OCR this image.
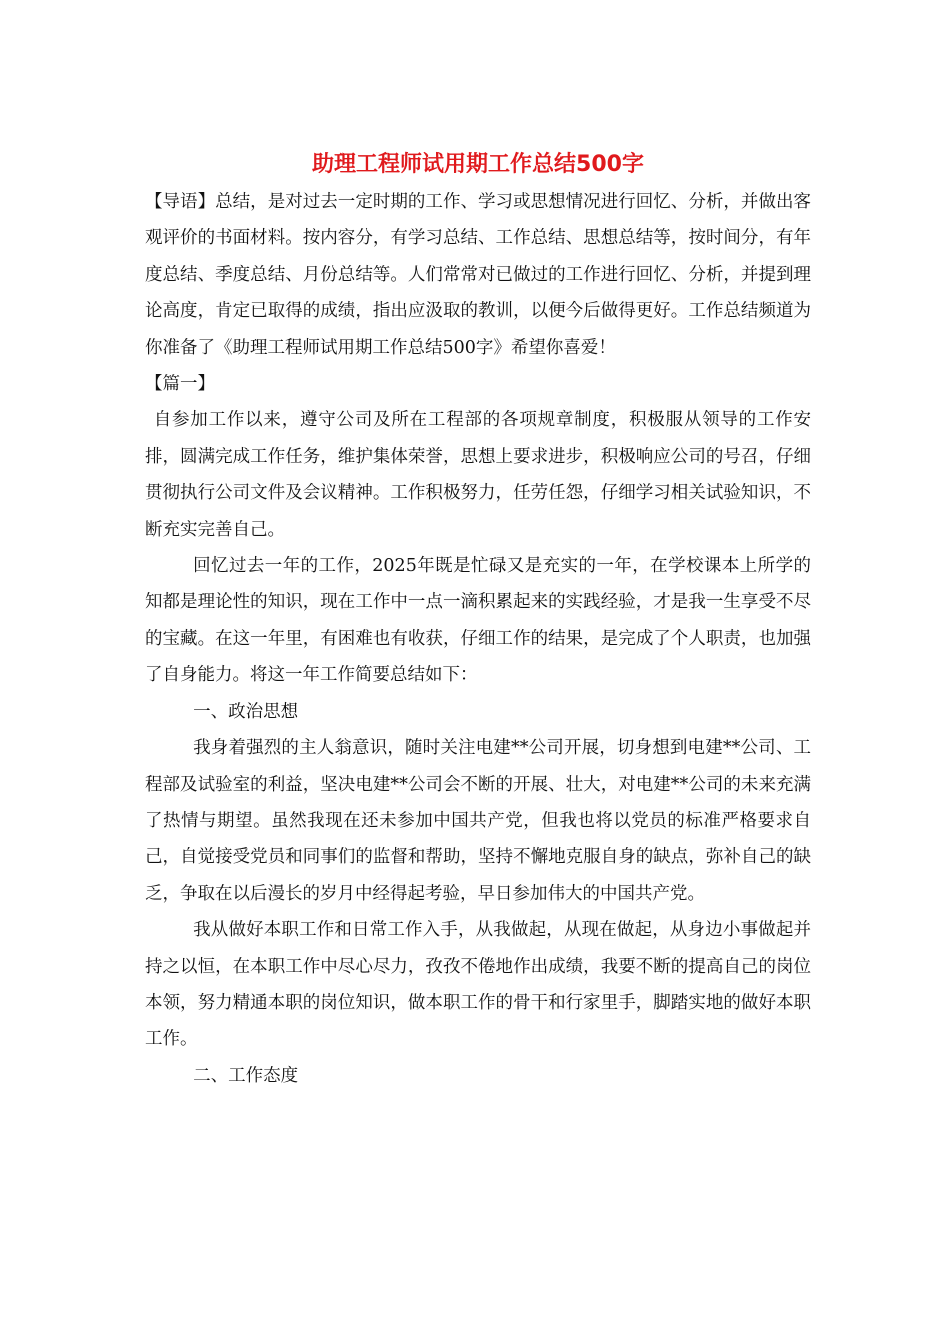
助理工程师试用期工作总结500字

【导语】总结，是对过去一定时期的工作、学习或思想情况进行回忆、分析，并做出客观评价的书面材料。按内容分，有学习总结、工作总结、思想总结等，按时间分，有年度总结、季度总结、月份总结等。人们常常对已做过的工作进行回忆、分析，并提到理论高度，肯定已取得的成绩，指出应汲取的教训，以便今后做得更好。工作总结频道为你准备了《助理工程师试用期工作总结500字》希望你喜爱！

【篇一】

自参加工作以来，遵守公司及所在工程部的各项规章制度，积极服从领导的工作安排，圆满完成工作任务，维护集体荣誉，思想上要求进步，积极响应公司的号召，仔细贯彻执行公司文件及会议精神。工作积极努力，任劳任怨，仔细学习相关试验知识，不断充实完善自己。

回忆过去一年的工作，2025年既是忙碌又是充实的一年，在学校课本上所学的知都是理论性的知识，现在工作中一点一滴积累起来的实践经验，才是我一生享受不尽的宝藏。在这一年里，有困难也有收获，仔细工作的结果，是完成了个人职责，也加强了自身能力。将这一年工作简要总结如下：

一、政治思想

我身着强烈的主人翁意识，随时关注电建**公司开展，切身想到电建**公司、工程部及试验室的利益，坚决电建**公司会不断的开展、壮大，对电建**公司的未来充满了热情与期望。虽然我现在还未参加中国共产党，但我也将以党员的标准严格要求自己，自觉接受党员和同事们的监督和帮助，坚持不懈地克服自身的缺点，弥补自己的缺乏，争取在以后漫长的岁月中经得起考验，早日参加伟大的中国共产党。

我从做好本职工作和日常工作入手，从我做起，从现在做起，从身边小事做起并持之以恒，在本职工作中尽心尽力，孜孜不倦地作出成绩，我要不断的提高自己的岗位本领，努力精通本职的岗位知识，做本职工作的骨干和行家里手，脚踏实地的做好本职工作。

二、工作态度
